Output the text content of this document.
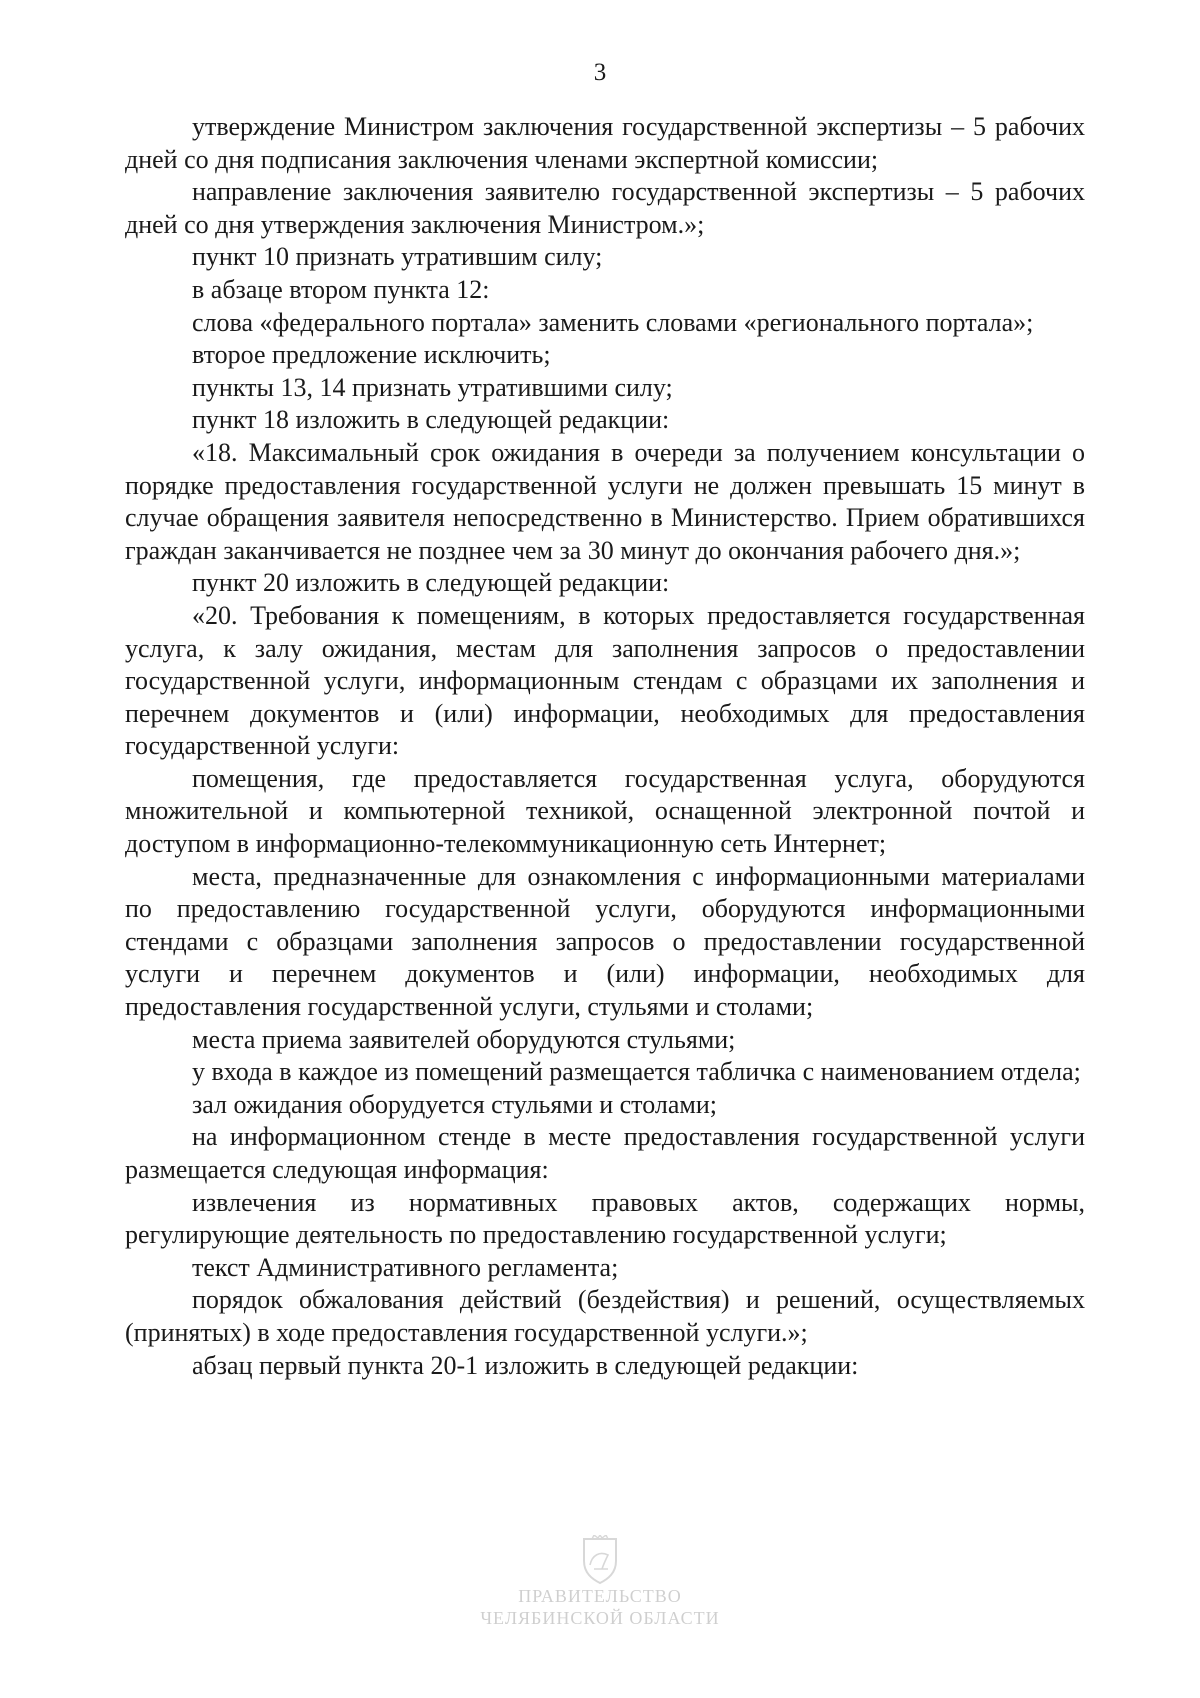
3

утверждение Министром заключения государственной экспертизы – 5 рабочих дней со дня подписания заключения членами экспертной комиссии;

направление заключения заявителю государственной экспертизы – 5 рабочих дней со дня утверждения заключения Министром.»;

пункт 10 признать утратившим силу;

в абзаце втором пункта 12:

слова «федерального портала» заменить словами «регионального портала»;

второе предложение исключить;

пункты 13, 14 признать утратившими силу;

пункт 18 изложить в следующей редакции:

«18. Максимальный срок ожидания в очереди за получением консультации о порядке предоставления государственной услуги не должен превышать 15 минут в случае обращения заявителя непосредственно в Министерство. Прием обратившихся граждан заканчивается не позднее чем за 30 минут до окончания рабочего дня.»;

пункт 20 изложить в следующей редакции:

«20. Требования к помещениям, в которых предоставляется государственная услуга, к залу ожидания, местам для заполнения запросов о предоставлении государственной услуги, информационным стендам с образцами их заполнения и перечнем документов и (или) информации, необходимых для предоставления государственной услуги:

помещения, где предоставляется государственная услуга, оборудуются множительной и компьютерной техникой, оснащенной электронной почтой и доступом в информационно-телекоммуникационную сеть Интернет;

места, предназначенные для ознакомления с информационными материалами по предоставлению государственной услуги, оборудуются информационными стендами с образцами заполнения запросов о предоставлении государственной услуги и перечнем документов и (или) информации, необходимых для предоставления государственной услуги, стульями и столами;

места приема заявителей оборудуются стульями;

у входа в каждое из помещений размещается табличка с наименованием отдела;

зал ожидания оборудуется стульями и столами;

на информационном стенде в месте предоставления государственной услуги размещается следующая информация:

извлечения из нормативных правовых актов, содержащих нормы, регулирующие деятельность по предоставлению государственной услуги;

текст Административного регламента;

порядок обжалования действий (бездействия) и решений, осуществляемых (принятых) в ходе предоставления государственной услуги.»;

абзац первый пункта 20-1 изложить в следующей редакции:

ПРАВИТЕЛЬСТВО
ЧЕЛЯБИНСКОЙ ОБЛАСТИ
